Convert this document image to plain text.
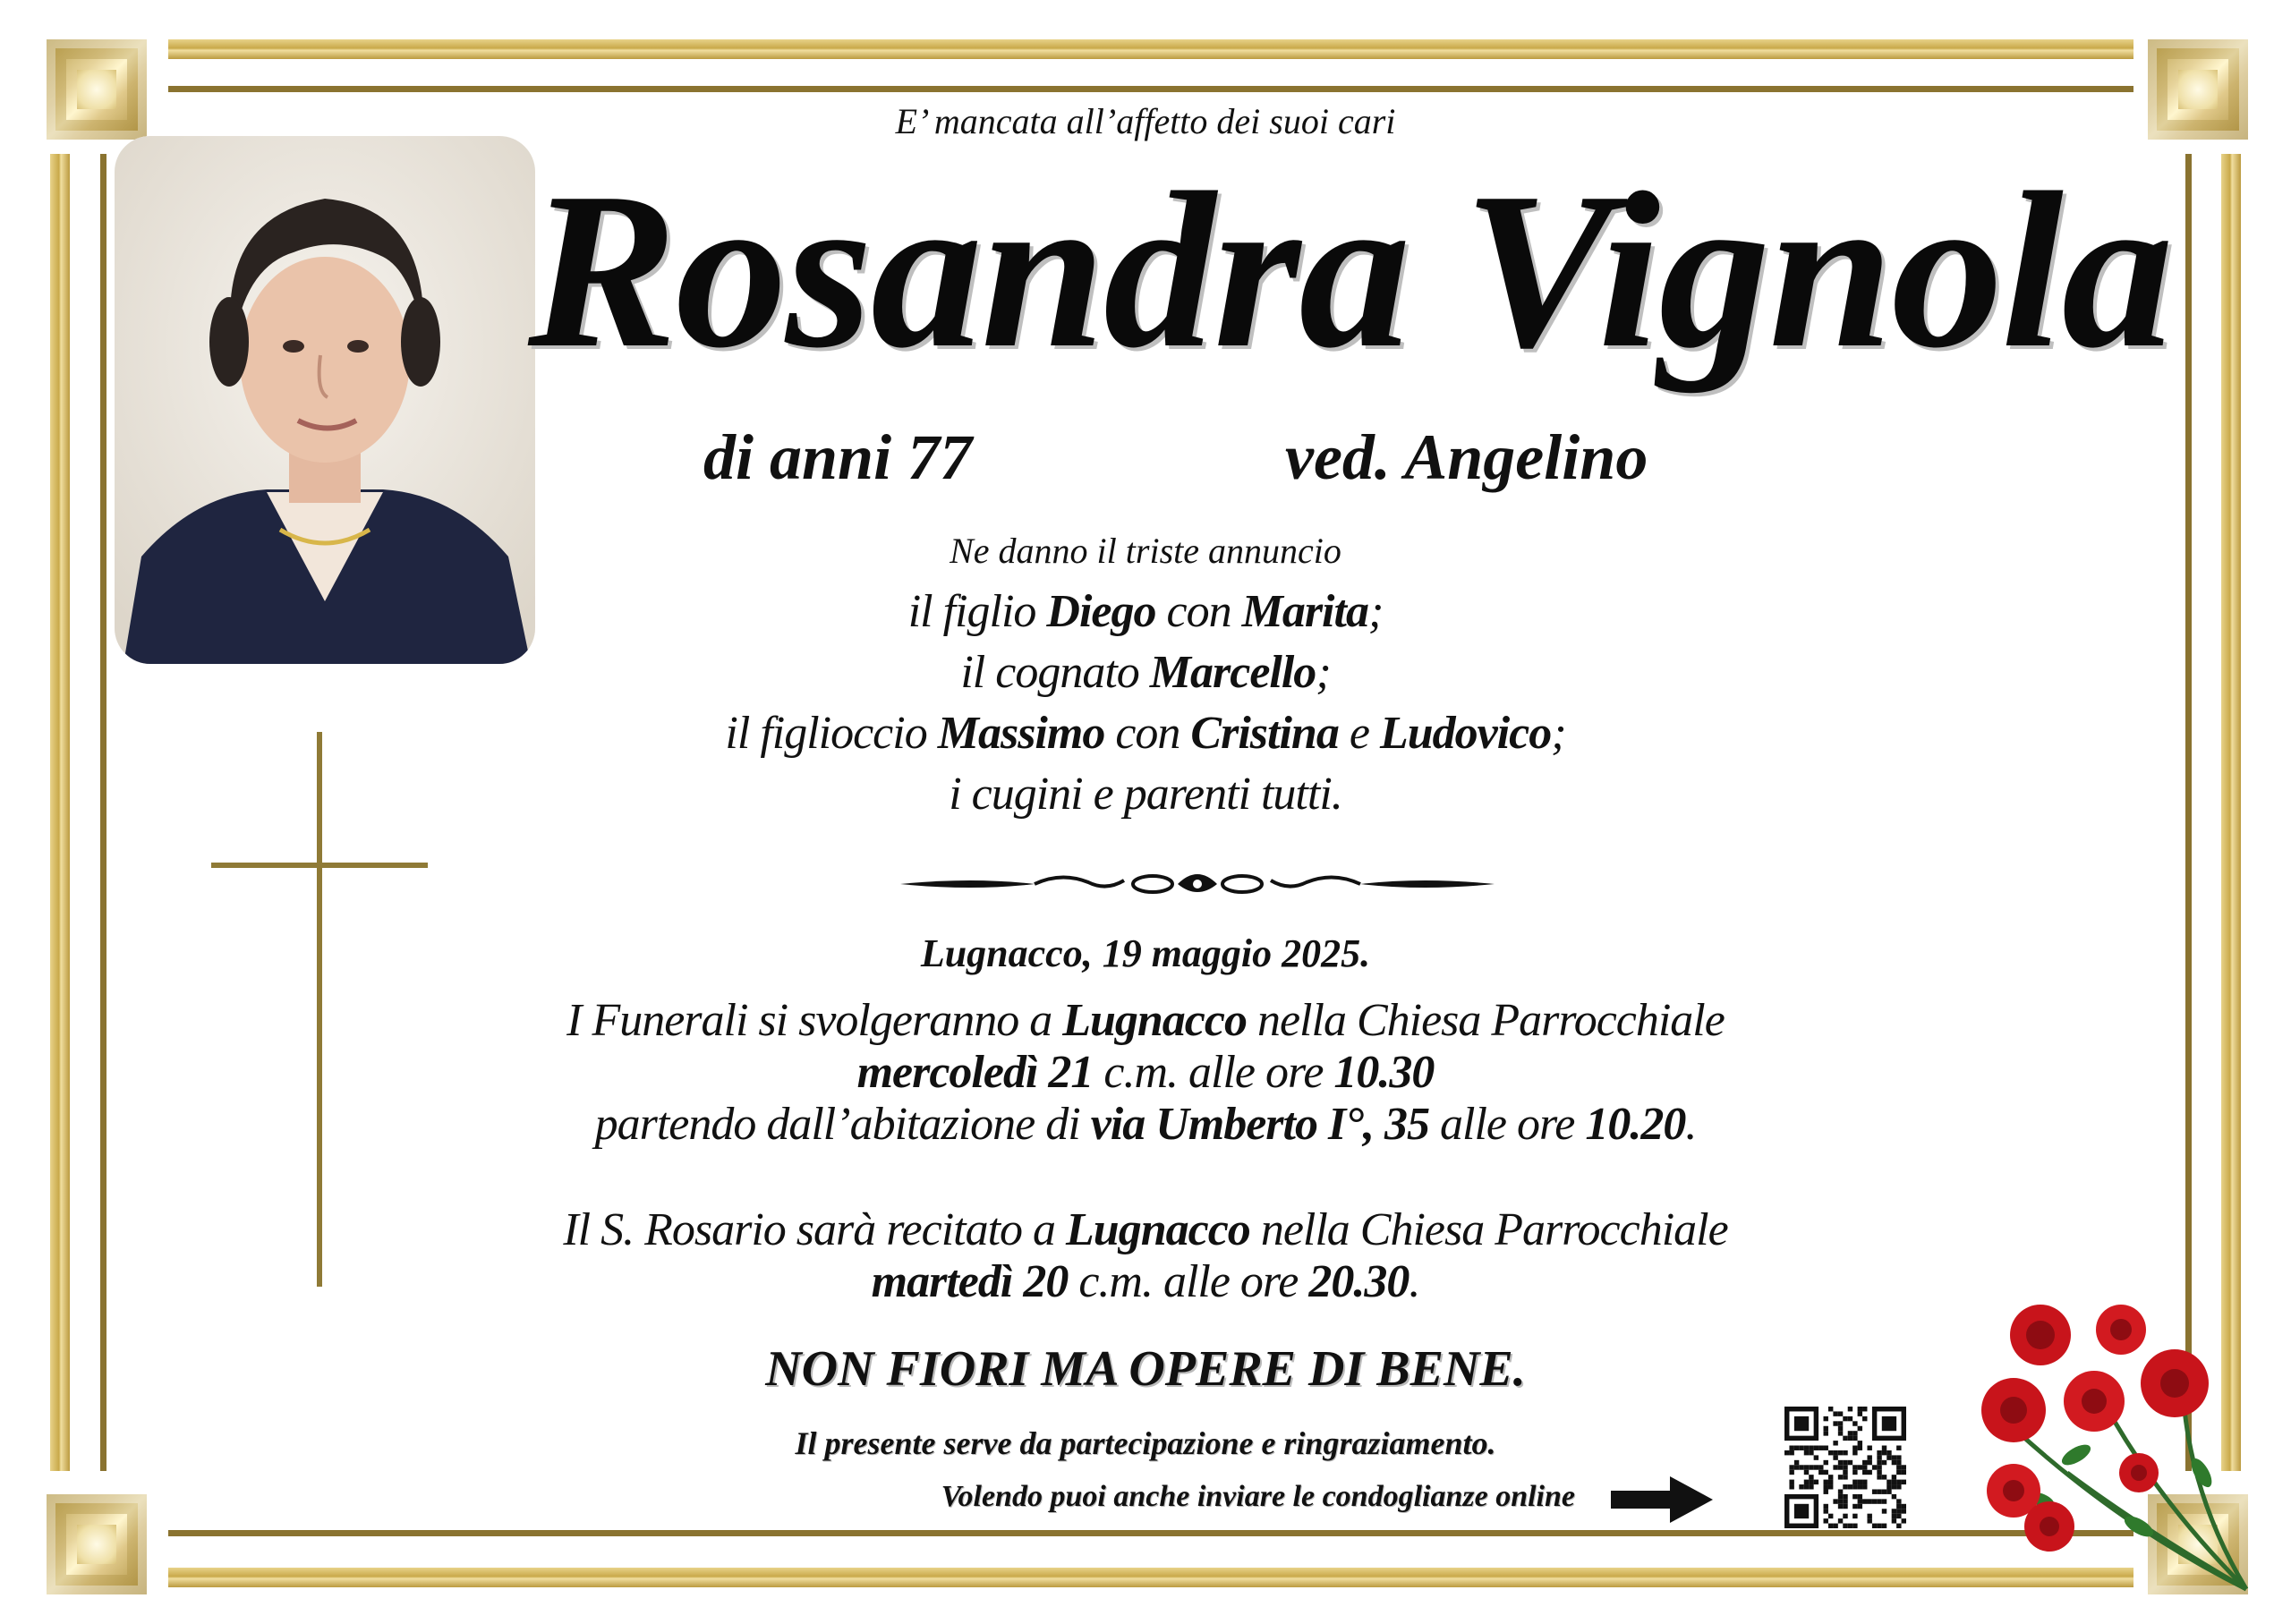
E’ mancata all’affetto dei suoi cari
Rosandra Vignola
di anni 77	ved. Angelino
Ne danno il triste annuncio
il figlio Diego con Marita;
il cognato Marcello;
il figlioccio Massimo con Cristina e Ludovico;
i cugini e parenti tutti.
Lugnacco, 19 maggio 2025.
I Funerali si svolgeranno a Lugnacco nella Chiesa Parrocchiale
mercoledì 21 c.m. alle ore 10.30
partendo dall’abitazione di via Umberto I°, 35 alle ore 10.20.
Il S. Rosario sarà recitato a Lugnacco nella Chiesa Parrocchiale
martedì 20 c.m. alle ore 20.30.
NON FIORI MA OPERE DI BENE.
Il presente serve da partecipazione e ringraziamento.
Volendo puoi anche inviare le condoglianze online
